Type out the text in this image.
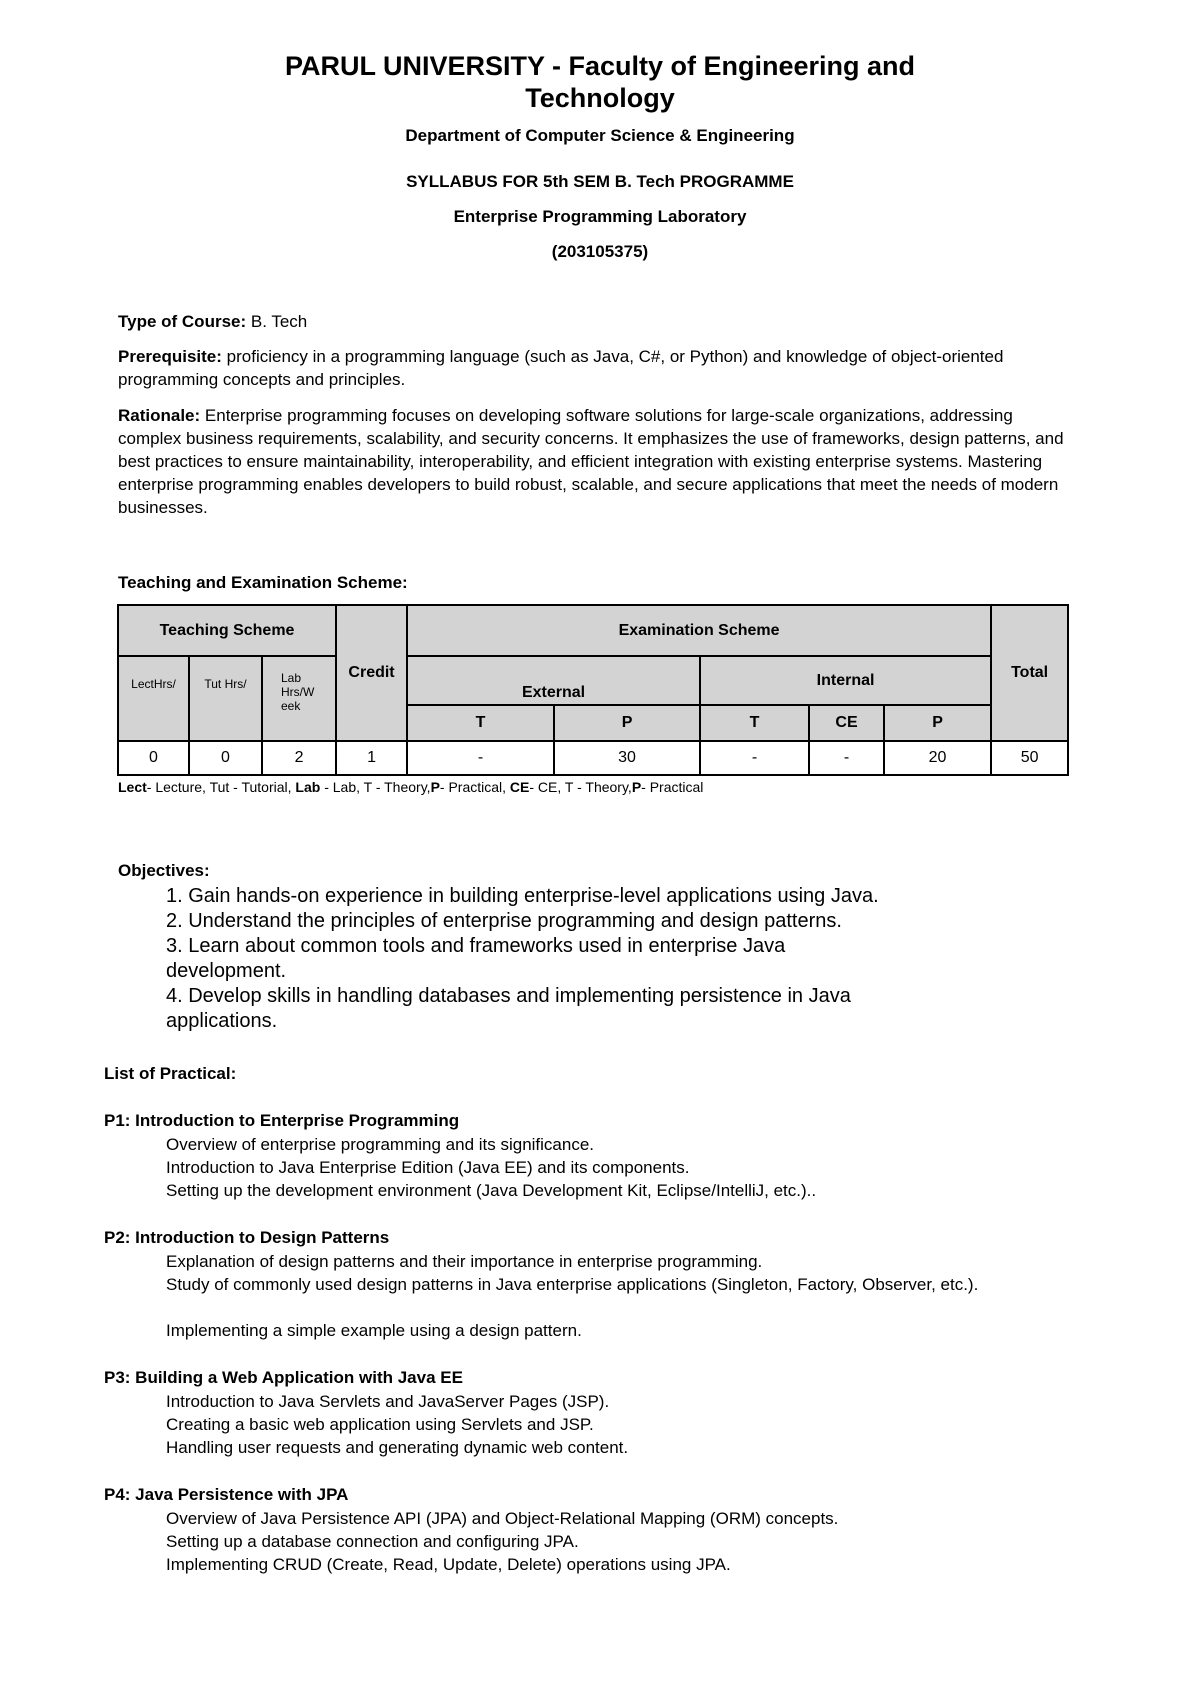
PARUL UNIVERSITY - Faculty of Engineering and
Technology
Department of Computer Science & Engineering
SYLLABUS FOR 5th SEM B. Tech PROGRAMME
Enterprise Programming Laboratory
(203105375)
Type of Course: B. Tech
Prerequisite: proficiency in a programming language (such as Java, C#, or Python) and knowledge of object-oriented programming concepts and principles.
Rationale: Enterprise programming focuses on developing software solutions for large-scale organizations, addressing complex business requirements, scalability, and security concerns. It emphasizes the use of frameworks, design patterns, and best practices to ensure maintainability, interoperability, and efficient integration with existing enterprise systems. Mastering enterprise programming enables developers to build robust, scalable, and secure applications that meet the needs of modern businesses.
Teaching and Examination Scheme:
Teaching Scheme			Credit	Examination Scheme					Total
LectHrs/	Tut Hrs/	Lab Hrs/W eek		External		Internal			
				T	P	T	CE	P	
0	0	2	1	-	30	-	-	20	50
Lect- Lecture, Tut - Tutorial, Lab - Lab, T - Theory,P- Practical, CE- CE, T - Theory,P- Practical
Objectives:
1. Gain hands-on experience in building enterprise-level applications using Java.
2. Understand the principles of enterprise programming and design patterns.
3. Learn about common tools and frameworks used in enterprise Java development.
4. Develop skills in handling databases and implementing persistence in Java applications.
List of Practical:
P1: Introduction to Enterprise Programming
Overview of enterprise programming and its significance.
Introduction to Java Enterprise Edition (Java EE) and its components.
Setting up the development environment (Java Development Kit, Eclipse/IntelliJ, etc.)..
P2: Introduction to Design Patterns
Explanation of design patterns and their importance in enterprise programming.
Study of commonly used design patterns in Java enterprise applications (Singleton, Factory, Observer, etc.).
Implementing a simple example using a design pattern.
P3: Building a Web Application with Java EE
Introduction to Java Servlets and JavaServer Pages (JSP).
Creating a basic web application using Servlets and JSP.
Handling user requests and generating dynamic web content.
P4: Java Persistence with JPA
Overview of Java Persistence API (JPA) and Object-Relational Mapping (ORM) concepts.
Setting up a database connection and configuring JPA.
Implementing CRUD (Create, Read, Update, Delete) operations using JPA.
